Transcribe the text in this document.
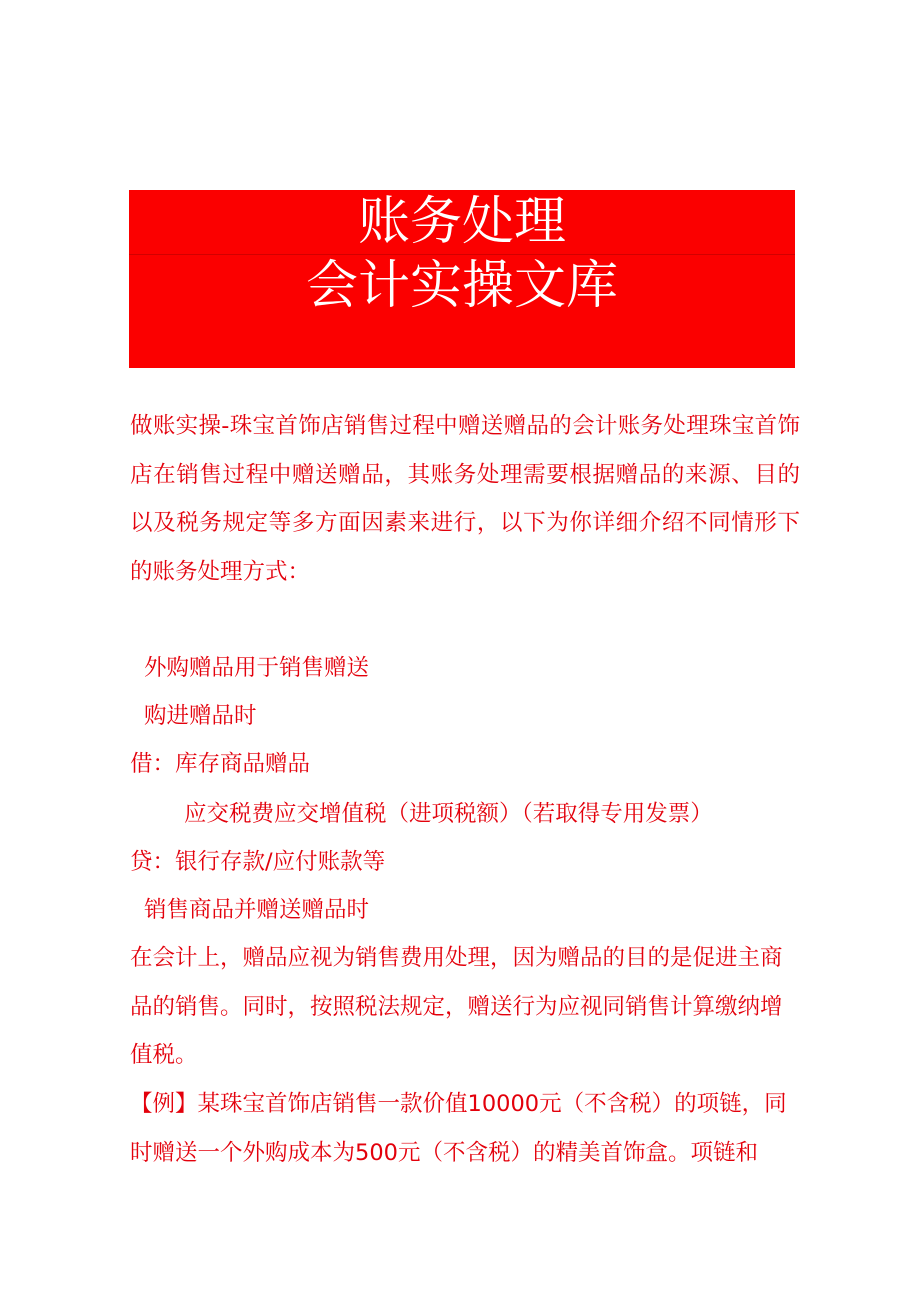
账务处理
会计实操文库

做账实操-珠宝首饰店销售过程中赠送赠品的会计账务处理珠宝首饰店在销售过程中赠送赠品，其账务处理需要根据赠品的来源、目的以及税务规定等多方面因素来进行，以下为你详细介绍不同情形下的账务处理方式：

外购赠品用于销售赠送
购进赠品时
借：库存商品赠品
应交税费应交增值税（进项税额）（若取得专用发票）
贷：银行存款/应付账款等
销售商品并赠送赠品时

在会计上，赠品应视为销售费用处理，因为赠品的目的是促进主商品的销售。同时，按照税法规定，赠送行为应视同销售计算缴纳增值税。

【例】某珠宝首饰店销售一款价值10000元（不含税）的项链，同时赠送一个外购成本为500元（不含税）的精美首饰盒。项链和
